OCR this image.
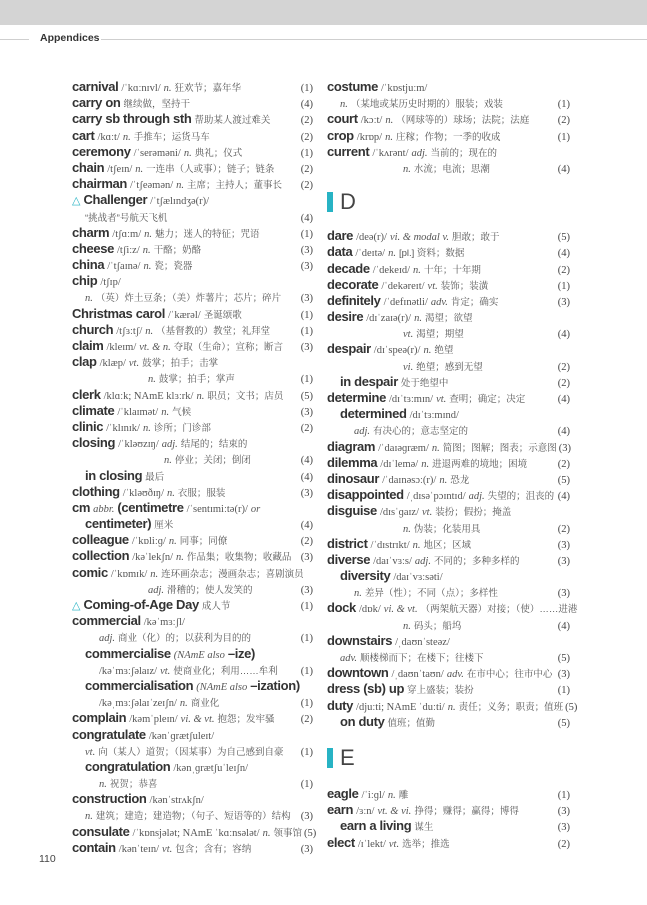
Appendices
carnival /ˈkɑːnɪvl/ n. 狂欢节；嘉年华	(1)
carry on 继续做，坚持干	(4)
carry sb through sth 帮助某人渡过难关	(2)
cart /kɑːt/ n. 手推车；运货马车	(2)
ceremony /ˈserəməni/ n. 典礼；仪式	(1)
chain /tʃeɪn/ n. 一连串（人或事）；链子；链条	(2)
chairman /ˈtʃeəmən/ n. 主席；主持人；董事长	(2)
△ Challenger /ˈtʃælɪndʒə(r)/
“挑战者”号航天飞机	(4)
charm /tʃɑːm/ n. 魅力；迷人的特征；咒语	(1)
cheese /tʃiːz/ n. 干酪；奶酪	(3)
china /ˈtʃaɪnə/ n. 瓷；瓷器	(3)
chip /tʃɪp/
n. （英）炸土豆条；（美）炸薯片；芯片；碎片	(3)
Christmas carol /ˈkærəl/ 圣诞颂歌	(1)
church /tʃɜːtʃ/ n. （基督教的）教堂；礼拜堂	(1)
claim /kleɪm/ vt. & n. 夺取（生命）；宣称；断言	(3)
clap /klæp/ vt. 鼓掌；拍手；击掌
n. 鼓掌；拍手；掌声	(1)
clerk /klɑːk; NAmE klɜːrk/ n. 职员；文书；店员	(5)
climate /ˈklaɪmət/ n. 气候	(3)
clinic /ˈklɪnɪk/ n. 诊所；门诊部	(2)
closing /ˈkləʊzɪŋ/ adj. 结尾的；结束的
n. 停业；关闭；倒闭	(4)
in closing 最后	(4)
clothing /ˈkləʊðɪŋ/ n. 衣服；服装	(3)
cm abbr. (centimetre /ˈsentɪmiːtə(r)/ or
centimeter) 厘米	(4)
colleague /ˈkɒliːɡ/ n. 同事；同僚	(2)
collection /kəˈlekʃn/ n. 作品集；收集物；收藏品 (3)
comic /ˈkɒmɪk/ n. 连环画杂志；漫画杂志；喜剧演员
adj. 滑稽的；使人发笑的	(3)
△ Coming-of-Age Day 成人节	(1)
commercial /kəˈmɜːʃl/
adj. 商业（化）的；以获利为目的的	(1)
commercialise (NAmE also –ize)
/kəˈmɜːʃəlaɪz/ vt. 使商业化；利用……牟利	(1)
commercialisation (NAmE also –ization)
/kəˌmɜːʃəlaɪˈzeɪʃn/ n. 商业化	(1)
complain /kəmˈpleɪn/ vi. & vt. 抱怨；发牢骚	(2)
congratulate /kənˈɡrætʃuleɪt/
vt. 向（某人）道贺；（因某事）为自己感到自豪	(1)
congratulation /kənˌɡrætʃuˈleɪʃn/
n. 祝贺；恭喜	(1)
construction /kənˈstrʌkʃn/
n. 建筑；建造；建造物；（句子、短语等的）结构 (3)
consulate /ˈkɒnsjələt; NAmE ˈkɑːnsələt/ n. 领事馆 (5)
contain /kənˈteɪn/ vt. 包含；含有；容纳	(3)
costume /ˈkɒstjuːm/
n. （某地或某历史时期的）服装；戏装	(1)
court /kɔːt/ n. （网球等的）球场；法院；法庭	(2)
crop /krɒp/ n. 庄稼；作物；一季的收成	(1)
current /ˈkʌrənt/ adj. 当前的；现在的
n. 水流；电流；思潮	(4)
D
dare /deə(r)/ vi. & modal v. 胆敢；敢于	(5)
data /ˈdeɪtə/ n. [pl.] 资料；数据	(4)
decade /ˈdekeɪd/ n. 十年；十年期	(2)
decorate /ˈdekəreɪt/ vt. 装饰；装潢	(1)
definitely /ˈdefɪnətli/ adv. 肯定；确实	(3)
desire /dɪˈzaɪə(r)/ n. 渴望；欲望
vt. 渴望；期望	(4)
despair /dɪˈspeə(r)/ n. 绝望
vi. 绝望；感到无望	(2)
in despair 处于绝望中	(2)
determine /dɪˈtɜːmɪn/ vt. 查明；确定；决定	(4)
determined /dɪˈtɜːmɪnd/
adj. 有决心的；意志坚定的	(4)
diagram /ˈdaɪəɡræm/ n. 简图；图解；图表；示意图 (3)
dilemma /dɪˈlemə/ n. 进退两难的境地；困境	(2)
dinosaur /ˈdaɪnəsɔː(r)/ n. 恐龙	(5)
disappointed /ˌdɪsəˈpɔɪntɪd/ adj. 失望的；沮丧的 (4)
disguise /dɪsˈɡaɪz/ vt. 装扮；假扮；掩盖
n. 伪装；化装用具	(2)
district /ˈdɪstrɪkt/ n. 地区；区域	(3)
diverse /daɪˈvɜːs/ adj. 不同的；多种多样的	(3)
diversity /daɪˈvɜːsəti/
n. 差异（性）；不同（点）；多样性	(3)
dock /dɒk/ vi. & vt. （两架航天器）对接；（使）……进港
n. 码头；船坞	(4)
downstairs /ˌdaʊnˈsteəz/
adv. 顺楼梯而下；在楼下；往楼下	(5)
downtown /ˌdaʊnˈtaʊn/ adv. 在市中心；往市中心 (3)
dress (sb) up 穿上盛装；装扮	(1)
duty /djuːti; NAmE ˈduːti/ n. 责任；义务；职责；值班 (5)
on duty 值班；值勤	(5)
E
eagle /ˈiːɡl/ n. 雕	(1)
earn /ɜːn/ vt. & vi. 挣得；赚得；赢得；博得	(3)
earn a living 谋生	(3)
elect /ɪˈlekt/ vt. 选举；推选	(2)
110
